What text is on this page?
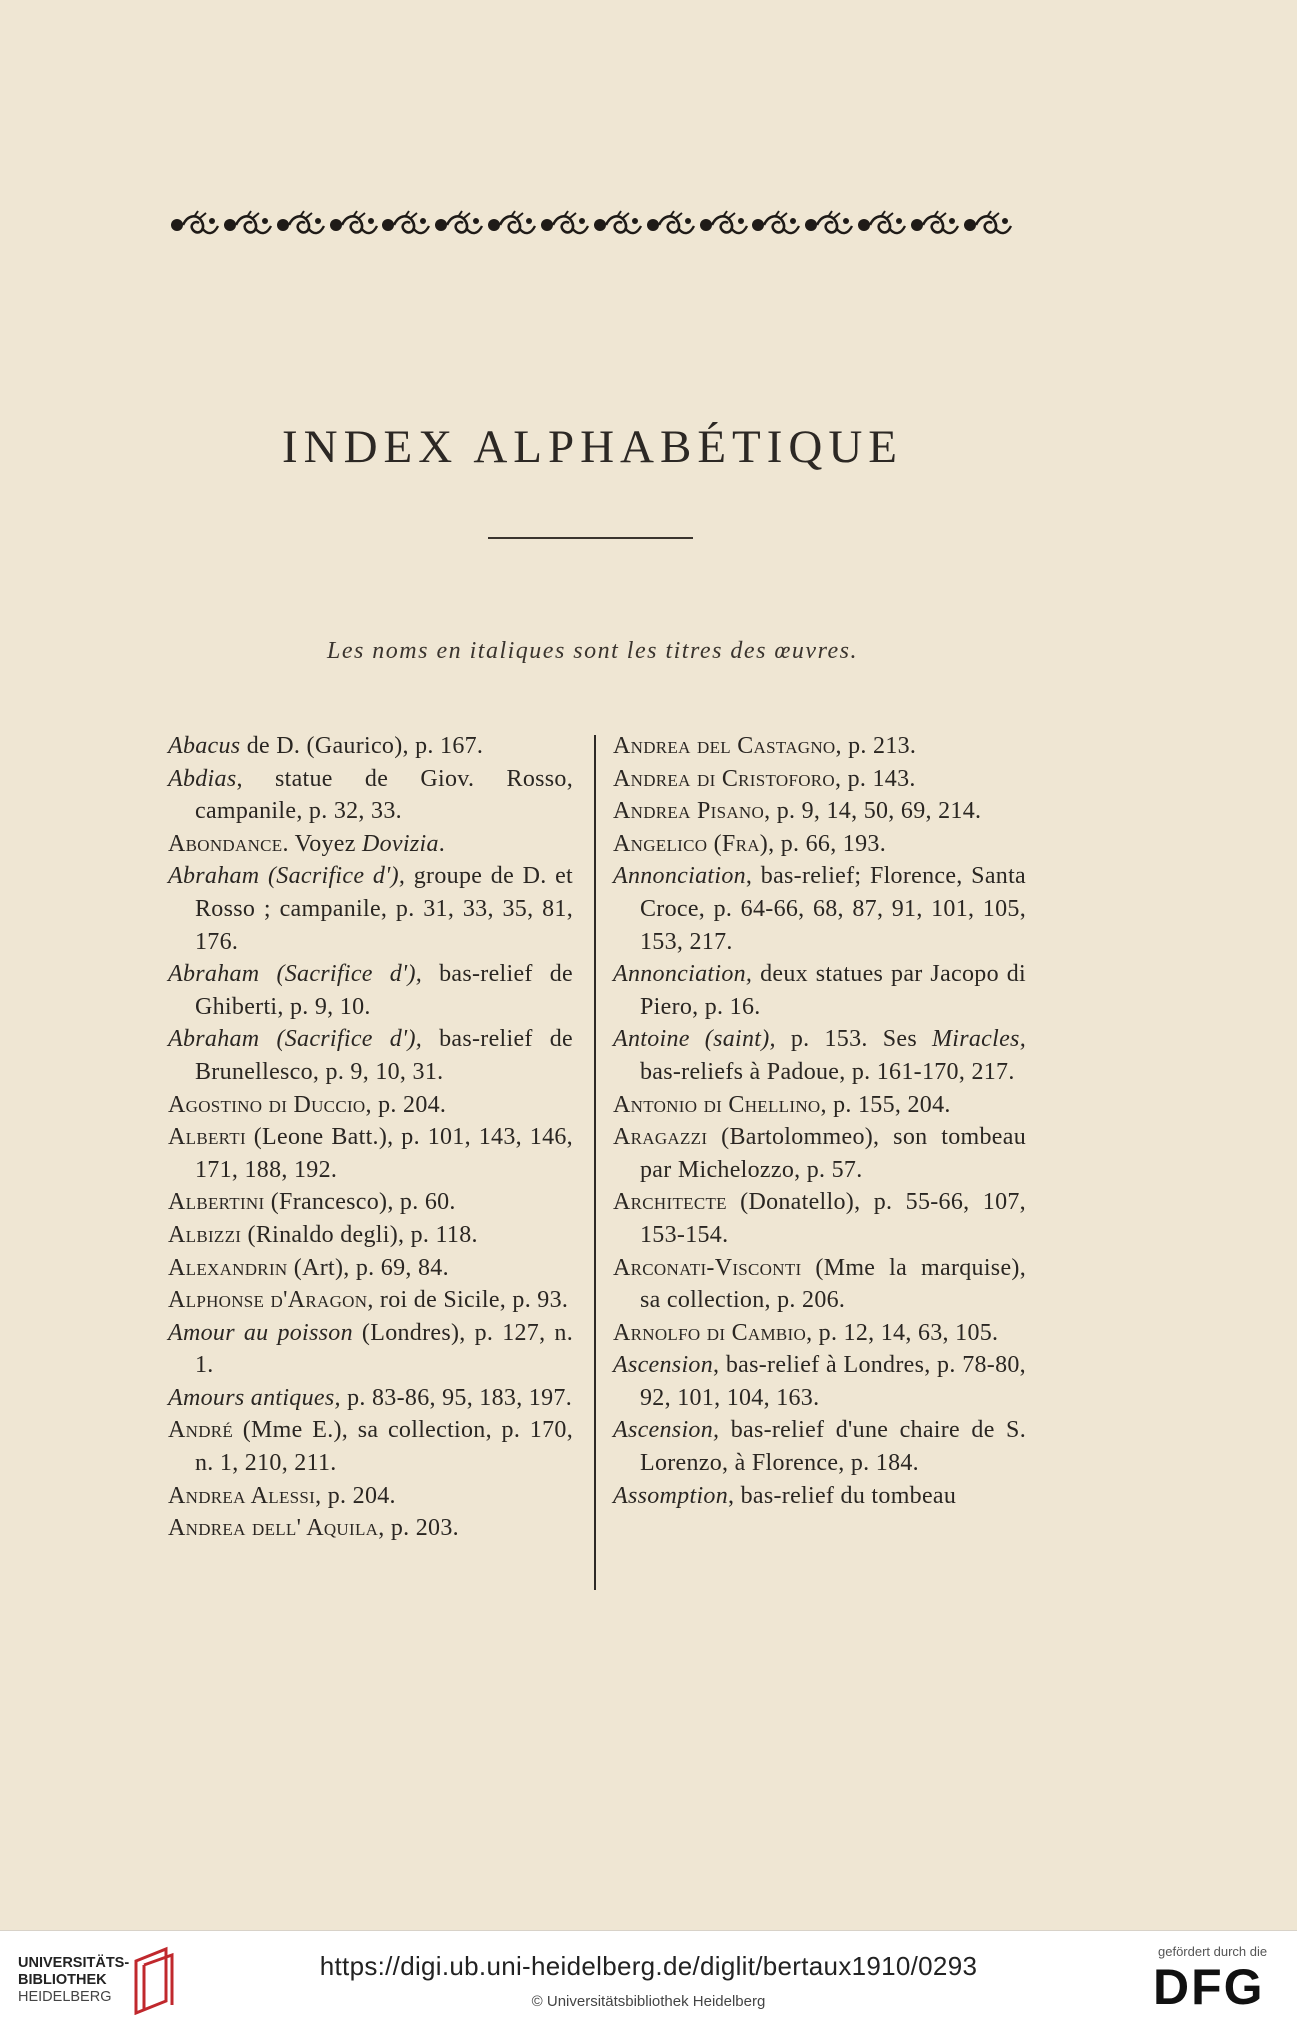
INDEX ALPHABÉTIQUE
Les noms en italiques sont les titres des œuvres.

Abacus de D. (Gaurico), p. 167.

Abdias, statue de Giov. Rosso, campanile, p. 32, 33.

Abondance. Voyez Dovizia.

Abraham (Sacrifice d'), groupe de D. et Rosso ; campanile, p. 31, 33, 35, 81, 176.

Abraham (Sacrifice d'), bas-relief de Ghiberti, p. 9, 10.

Abraham (Sacrifice d'), bas-relief de Brunellesco, p. 9, 10, 31.

Agostino di Duccio, p. 204.

Alberti (Leone Batt.), p. 101, 143, 146, 171, 188, 192.

Albertini (Francesco), p. 60.

Albizzi (Rinaldo degli), p. 118.

Alexandrin (Art), p. 69, 84.

Alphonse d'Aragon, roi de Sicile, p. 93.

Amour au poisson (Londres), p. 127, n. 1.

Amours antiques, p. 83-86, 95, 183, 197.

André (Mme E.), sa collection, p. 170, n. 1, 210, 211.

Andrea Alessi, p. 204.

Andrea dell' Aquila, p. 203.

Andrea del Castagno, p. 213.

Andrea di Cristoforo, p. 143.

Andrea Pisano, p. 9, 14, 50, 69, 214.

Angelico (Fra), p. 66, 193.

Annonciation, bas-relief; Florence, Santa Croce, p. 64-66, 68, 87, 91, 101, 105, 153, 217.

Annonciation, deux statues par Jacopo di Piero, p. 16.

Antoine (saint), p. 153. Ses Miracles, bas-reliefs à Padoue, p. 161-170, 217.

Antonio di Chellino, p. 155, 204.

Aragazzi (Bartolommeo), son tombeau par Michelozzo, p. 57.

Architecte (Donatello), p. 55-66, 107, 153-154.

Arconati-Visconti (Mme la marquise), sa collection, p. 206.

Arnolfo di Cambio, p. 12, 14, 63, 105.

Ascension, bas-relief à Londres, p. 78-80, 92, 101, 104, 163.

Ascension, bas-relief d'une chaire de S. Lorenzo, à Florence, p. 184.

Assomption, bas-relief du tombeau

UNIVERSITÄTS-
BIBLIOTHEK
HEIDELBERG
https://digi.ub.uni-heidelberg.de/diglit/bertaux1910/0293
© Universitätsbibliothek Heidelberg
gefördert durch die
DFG
